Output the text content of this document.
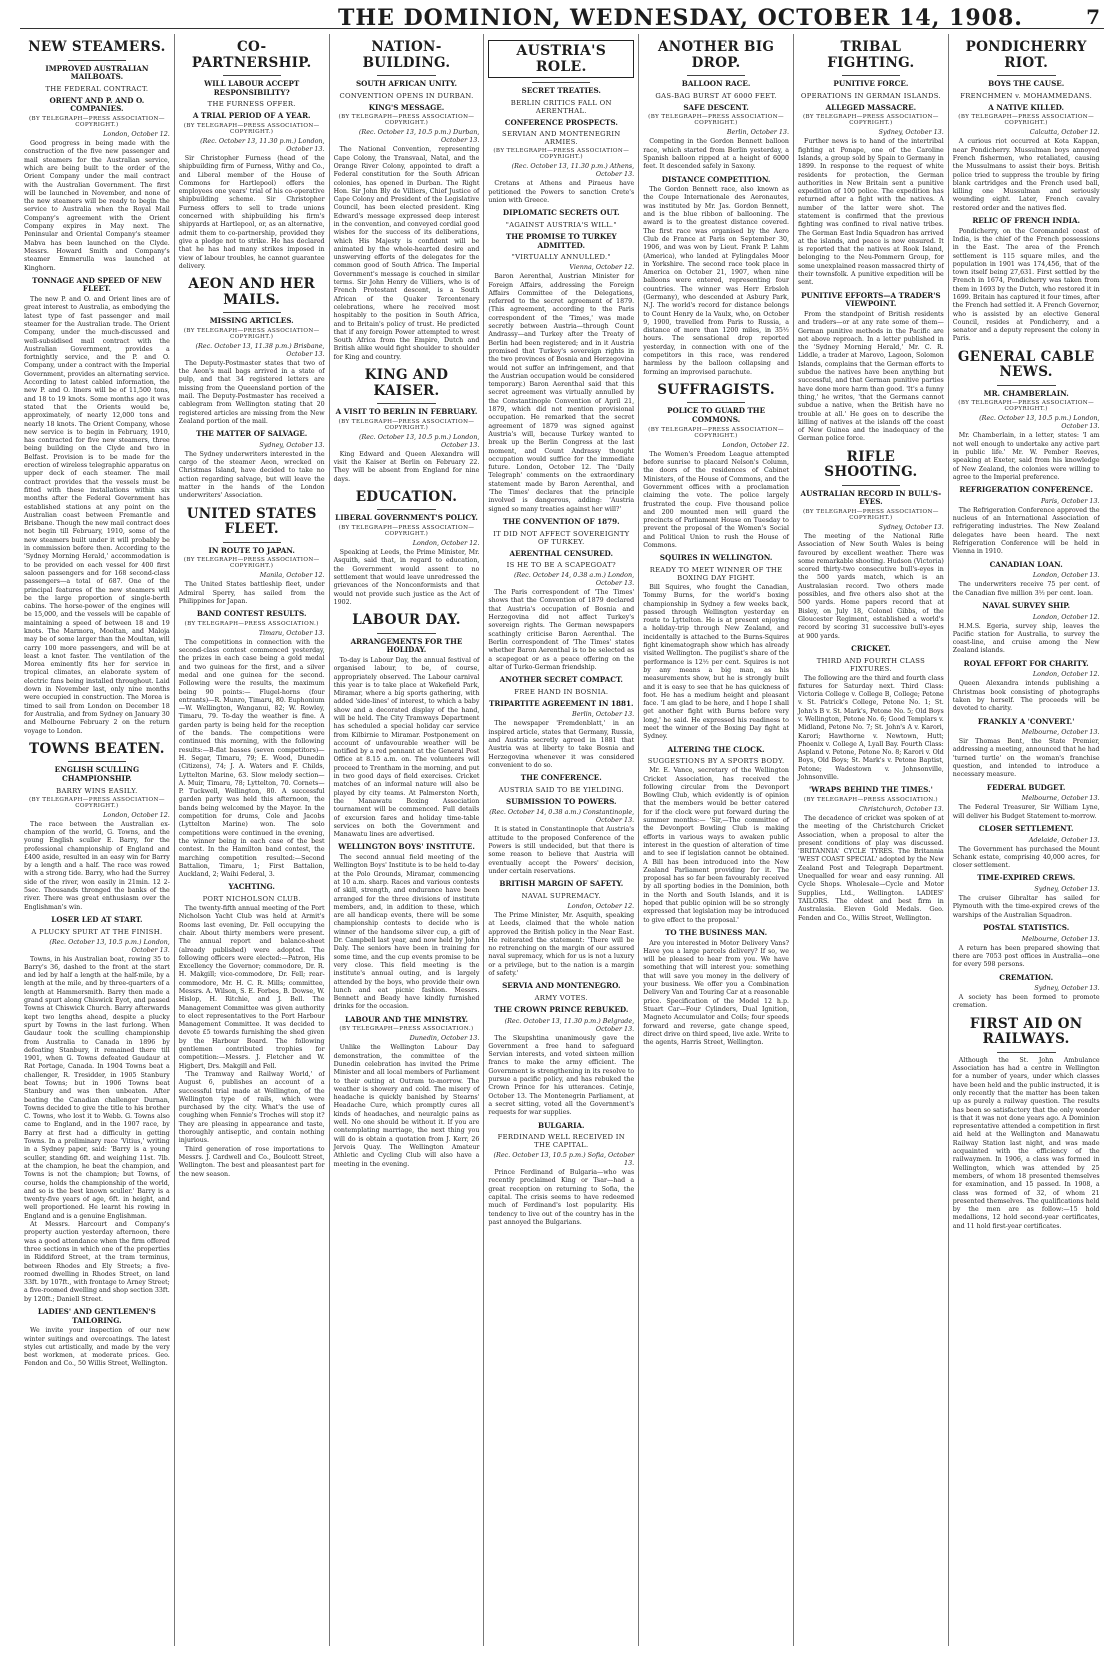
THE DOMINION, WEDNESDAY, OCTOBER 14, 1908.	7
NEW STEAMERS.
IMPROVED AUSTRALIAN MAILBOATS.
THE FEDERAL CONTRACT.
ORIENT AND P. AND O. COMPANIES.
(BY TELEGRAPH—PRESS ASSOCIATION—COPYRIGHT.)
London, October 12.

Good progress in being made with the construction of the five new passenger and mail steamers for the Australian service, which are being built to the order of the Orient Company under the mail contract with the Australian Government. The first will be launched in November, and none of the new steamers will be ready to begin the service to Australia when the Royal Mail Company's agreement with the Orient Company expires in May next. The Peninsular and Oriental Company's steamer Mabva has been launched on the Clyde. Messrs. Howard Smith and Company's steamer Emmerulla was launched at Kinghorn.

TONNAGE AND SPEED OF NEW FLEET.

The new P. and O. and Orient lines are of great interest to Australia, as embodying the latest type of fast passenger and mail steamer for the Australian trade. The Orient Company, under the much-discussed and well-subsidised mail contract with the Australian Government, provides a fortnightly service, and the P. and O. Company, under a contract with the Imperial Government, provides an alternating service. According to latest cabled information, the new P. and O. liners will be of 11,500 tons, and 18 to 19 knots. Some months ago it was stated that the Orients would be, approximately, of nearly 12,000 tons and nearly 18 knots. The Orient Company, whose new service is to begin in February, 1910, has contracted for five new steamers, three being building on the Clyde and two in Belfast. Provision is to be made for the erection of wireless telegraphic apparatus on upper deck of each steamer. The mail contract provides that the vessels must be fitted with these installations within six months after the Federal Government has established stations at any point on the Australian coast between Fremantle and Brisbane. Though the new mail contract does not begin till February, 1910, some of the new steamers built under it will probably be in commission before then. According to the 'Sydney Morning Herald,' accommodation is to be provided on each vessel for 400 first saloon passengers and for 168 second-class passengers—a total of 687. One of the principal features of the new steamers will be the large proportion of single-berth cabins. The horse-power of the engines will be 15,000, and the vessels will be capable of maintaining a speed of between 18 and 19 knots. The Marmora, Mooltan, and Maloja may be of some larger than the Moultan, will carry 100 more passengers, and will be at least a knot faster. The ventilation of the Morea eminently fits her for service in tropical climates, an elaborate system of electric fans being installed throughout. Laid down in November last, only nine months were occupied in construction. The Morea is timed to sail from London on December 18 for Australia, and from Sydney on January 30 and Melbourne February 2 on the return voyage to London.

TOWNS BEATEN.
ENGLISH SCULLING CHAMPIONSHIP.
BARRY WINS EASILY.
(BY TELEGRAPH—PRESS ASSOCIATION—COPYRIGHT.)
London, October 12.

The race between the Australian ex-champion of the world, G. Towns, and the young English sculler E. Barry, for the professional championship of England and £400 aside, resulted in an easy win for Barry by a length and a half. The race was rowed with a strong tide. Barry, who had the Surrey side of the river, won easily in 21min. 12 2-5sec. Thousands thronged the banks of the river. There was great enthusiasm over the Englishman's win.

LOSER LED AT START.
A PLUCKY SPURT AT THE FINISH.
(Rec. October 13, 10.5 p.m.) London, October 13.

Towns, in his Australian boat, rowing 35 to Barry's 36, dashed to the front at the start and led by half a length at the half-mile, by a length at the mile, and by three-quarters of a length at Hammersmith. Barry then made a grand spurt along Chiswick Eyot, and passed Towns at Chiswick Church. Barry afterwards kept two lengths ahead, despite a plucky spurt by Towns in the last furlong. When Gaudaur took the sculling championship from Australia to Canada in 1896 by defeating Stanbury, it remained there till 1901, when G. Towns defeated Gaudaur at Rat Portage, Canada. In 1904 Towns beat a challenger, R. Tresidder, in 1905 Stanbury beat Towns; but in 1906 Towns beat Stanbury and was then unbeaten. After beating the Canadian challenger Durnan, Towns decided to give the title to his brother C. Towns, who lost it to Webb. G. Towns also came to England, and in the 1907 race, by Barry at first had a difficulty in getting Towns. In a preliminary race 'Vitius,' writing in a Sydney paper, said: 'Barry is a young sculler, standing 6ft. and weighing 11st. 7lb. at the champion, he beat the champion, and Towns is not the champion; but Towns, of course, holds the championship of the world, and so is the best known sculler.' Barry is a twenty-five years of age, 6ft. in height, and well proportioned. He learnt his rowing in England and is a genuine Englishman.

At Messrs. Harcourt and Company's property auction yesterday afternoon, there was a good attendance when the firm offered three sections in which one of the properties in Riddiford Street, at the tram terminus, between Rhodes and Ely Streets; a five-roomed dwelling in Rhodes Street, on land 33ft. by 107ft., with frontage to Arney Street; a five-roomed dwelling and shop section 33ft. by 120ft.; Daniell Street.

LADIES' AND GENTLEMEN'S TAILORING.

We invite your inspection of our new winter suitings and overcoatings. The latest styles cut artistically, and made by the very best workmen, at moderate prices. Geo. Fendon and Co., 50 Willis Street, Wellington.

CO-PARTNERSHIP.
WILL LABOUR ACCEPT RESPONSIBILITY?
THE FURNESS OFFER.
A TRIAL PERIOD OF A YEAR.
(BY TELEGRAPH—PRESS ASSOCIATION—COPYRIGHT.)
(Rec. October 13, 11.30 p.m.) London, October 13.

Sir Christopher Furness (head of the shipbuilding firm of Furness, Withy and Co., and Liberal member of the House of Commons for Hartlepool) offers the employees one years' trial of his co-operative shipbuilding scheme. Sir Christopher Furness offers to sell to trade unions concerned with shipbuilding his firm's shipyards at Hartlepool, or, as an alternative, admit them to co-partnership, provided they give a pledge not to strike. He has declared that he has had many strikes imposed in view of labour troubles, he cannot guarantee delivery.

AEON AND HER MAILS.
MISSING ARTICLES.
(BY TELEGRAPH—PRESS ASSOCIATION—COPYRIGHT.)
(Rec. October 13, 11.38 p.m.) Brisbane, October 13.

The Deputy-Postmaster states that two of the Aeon's mail bags arrived in a state of pulp, and that 34 registered letters are missing from the Queensland portion of the mail. The Deputy-Postmaster has received a cablegram from Wellington stating that 20 registered articles are missing from the New Zealand portion of the mail.

THE MATTER OF SALVAGE.
Sydney, October 13.

The Sydney underwriters interested in the cargo of the steamer Aeon, wrecked on Christmas Island, have decided to take no action regarding salvage, but will leave the matter in the hands of the London underwriters' Association.

UNITED STATES FLEET.
IN ROUTE TO JAPAN.
(BY TELEGRAPH—PRESS ASSOCIATION—COPYRIGHT.)
Manila, October 12.

The United States battleship fleet, under Admiral Sperry, has sailed from the Philippines for Japan.

BAND CONTEST RESULTS.
(BY TELEGRAPH—PRESS ASSOCIATION.)
Timaru, October 13.

The competitions in connection with the second-class contest commenced yesterday, the prizes in each case being a gold medal and two guineas for the first, and a silver medal and one guinea for the second. Following were the results, the maximum being 90 points:— Flugel-horns (four entrants)—R. Munro, Timaru, 80. Euphonium—W. Wellington, Wanganui, 82; W. Rowley, Timaru, 79. To-day the weather is fine. A garden party is being held for the reception of the bands. The competitions were continued this morning, with the following results:—B-flat basses (seven competitors)—H. Segar, Timaru, 79; E. Wood, Dunedin (Citizens), 74; J. A. Waters and F. Childs, Lyttelton Marine, 63. Slow melody section—A. Muir, Timaru, 78; Lyttelton, 70. Cornets—P. Tuckwell, Wellington, 80. A successful garden party was held this afternoon, the bands being welcomed by the Mayor. In the competition for drums, Cole and Jacobs (Lyttelton Marine) won. The solo competitions were continued in the evening, the winner being in each case of the best contest. In the Hamilton band contest, the marching competition resulted:—Second Battalion, Timaru, 1; First Battalion, Auckland, 2; Waihi Federal, 3.

YACHTING.
PORT NICHOLSON CLUB.

The twenty-fifth annual meeting of the Port Nicholson Yacht Club was held at Armit's Rooms last evening, Dr. Fell occupying the chair. About thirty members were present. The annual report and balance-sheet (already published) were adopted. The following officers were elected:—Patron, His Excellency the Governor; commodore, Dr. R. H. Makgill; vice-commodore, Dr. Fell; rear-commodore, Mr. H. C. R. Mills; committee, Messrs. A. Wilson, S. E. Forbes, B. Dowse, W. Hislop, H. Ritchie, and J. Bell. The Management Committee was given authority to elect representatives to the Port Harbour Management Committee. It was decided to devote £5 towards furnishing the shed given by the Harbour Board. The following gentlemen contributed trophies for competition:—Messrs. J. Fletcher and W. Higbert, Drs. Makgill and Fell.

'The Tramway and Railway World,' of August 6, publishes an account of a successful trial made at Wellington, of the Wellington type of rails, which were purchased by the city. What's the use of coughing when Fennie's Troches will stop it? They are pleasing in appearance and taste, thoroughly antiseptic, and contain nothing injurious.

Third generation of rose importations to Messrs. J. Cardwell and Co., Boulcott Street, Wellington. The best and pleasantest part for the new season.

NATION-BUILDING.
SOUTH AFRICAN UNITY.
CONVENTION OPENS IN DURBAN.
KING'S MESSAGE.
(BY TELEGRAPH—PRESS ASSOCIATION—COPYRIGHT.)
(Rec. October 13, 10.5 p.m.) Durban, October 13.

The National Convention, representing Cape Colony, the Transvaal, Natal, and the Orange River Colony, appointed to draft a Federal constitution for the South African colonies, has opened in Durban. The Right Hon. Sir John Bly de Villiers, Chief Justice of Cape Colony and President of the Legislative Council, has been elected president. King Edward's message expressed deep interest in the convention, and conveyed cordial good wishes for the success of its deliberations, which His Majesty is confident will be animated by the whole-hearted desire and unswerving efforts of the delegates for the common good of South Africa. The Imperial Government's message is couched in similar terms. Sir John Henry de Villiers, who is of French Protestant descent, is a South African of the Quaker Tercentenary celebrations, where he received most hospitably to the position in South Africa, and to Britain's policy of trust. He predicted that if any foreign Power attempted to wrest South Africa from the Empire, Dutch and British alike would fight shoulder to shoulder for King and country.

KING AND KAISER.
A VISIT TO BERLIN IN FEBRUARY.
(BY TELEGRAPH—PRESS ASSOCIATION—COPYRIGHT.)
(Rec. October 13, 10.5 p.m.) London, October 13.

King Edward and Queen Alexandra will visit the Kaiser at Berlin on February 22. They will be absent from England for nine days.

EDUCATION.
LIBERAL GOVERNMENT'S POLICY.
(BY TELEGRAPH—PRESS ASSOCIATION—COPYRIGHT.)
London, October 12.

Speaking at Leeds, the Prime Minister, Mr. Asquith, said that, in regard to education, the Government would assent to no settlement that would leave unredressed the grievances of the Nonconformists and that would not provide such justice as the Act of 1902.

LABOUR DAY.
ARRANGEMENTS FOR THE HOLIDAY.

To-day is Labour Day, the annual festival of organised labour, to be, of course, appropriately observed. The Labour carnival this year is to take place at Wakefield Park, Miramar, where a big sports gathering, with added 'side-lines' of interest, to which a baby show and a decorated display of the hand, will be held. The City Tramways Department has scheduled a special holiday car service from Kilbirnie to Miramar. Postponement on account of unfavourable weather will be notified by a red pennant at the General Post Office at 8.15 a.m. on. The volunteers will proceed to Trentham in the morning, and put in two good days of field exercises. Cricket matches of an informal nature will also be played by city teams. At Palmerston North, the Manawatu Boxing Association tournament will be commenced. Full details of excursion fares and holiday time-table services on both the Government and Manawatu lines are advertised.

WELLINGTON BOYS' INSTITUTE.

The second annual field meeting of the Wellington Boys' Institute is to be held to-day at the Polo Grounds, Miramar, commencing at 10 a.m. sharp. Races and various contests of skill, strength, and endurance have been arranged for the three divisions of institute members, and, in addition to these, which are all handicap events, there will be some championship contests to decide who is winner of the handsome silver cup, a gift of Dr. Campbell last year, and now held by John Daly. The seniors have been in training for some time, and the cup events promise to be very close. This field meeting is the institute's annual outing, and is largely attended by the boys, who provide their own lunch and eat picnic fashion. Messrs. Bennett and Beady have kindly furnished drinks for the occasion.

LABOUR AND THE MINISTRY.
(BY TELEGRAPH—PRESS ASSOCIATION.)
Dunedin, October 13.

Unlike the Wellington Labour Day demonstration, the committee of the Dunedin celebration has invited the Prime Minister and all local members of Parliament to their outing at Outram to-morrow. The weather is showery and cold. The misery of headache is quickly banished by Stearns' Headache Cure, which promptly cures all kinds of headaches, and neuralgic pains as well. No one should be without it. If you are contemplating marriage, the next thing you will do is obtain a quotation from J. Kerr, 26 Jervois Quay. The Wellington Amateur Athletic and Cycling Club will also have a meeting in the evening.

AUSTRIA'S ROLE.
SECRET TREATIES.
BERLIN CRITICS FALL ON AERENTHAL.
CONFERENCE PROSPECTS.
SERVIAN AND MONTENEGRIN ARMIES.
(BY TELEGRAPH—PRESS ASSOCIATION—COPYRIGHT.)
(Rec. October 13, 11.30 p.m.) Athens, October 13.

Cretans at Athens and Piraeus have petitioned the Powers to sanction Crete's union with Greece.

DIPLOMATIC SECRETS OUT.
"AGAINST AUSTRIA'S WILL."
THE PROMISE TO TURKEY ADMITTED.
"VIRTUALLY ANNULLED."
Vienna, October 12.

Baron Aerenthal, Austrian Minister for Foreign Affairs, addressing the Foreign Affairs Committee of the Delegations, referred to the secret agreement of 1879. (This agreement, according to the Paris correspondent of the 'Times,' was made secretly between Austria—through Count Andrassy—and Turkey after the Treaty of Berlin had been registered; and in it Austria promised that Turkey's sovereign rights in the two provinces of Bosnia and Herzegovina would not suffer an infringement, and that the Austrian occupation would be considered temporary.) Baron Aerenthal said that this secret agreement was virtually annulled by the Constantinople Convention of April 21, 1879, which did not mention provisional occupation. He remarked that the secret agreement of 1879 was signed against Austria's will, because Turkey wanted to break up the Berlin Congress at the last moment, and Count Andrassy thought occupation would suffice for the immediate future. London, October 12. The 'Daily Telegraph' comments on the extraordinary statement made by Baron Aerenthal, and 'The Times' declares that the principle involved is dangerous, adding: 'Austria signed so many treaties against her will?'

THE CONVENTION OF 1879.
IT DID NOT AFFECT SOVEREIGNTY OF TURKEY.
AERENTHAL CENSURED.
IS HE TO BE A SCAPEGOAT?
(Rec. October 14, 0.38 a.m.) London, October 13.

The Paris correspondent of 'The Times' shows that the Convention of 1879 declared that Austria's occupation of Bosnia and Herzegovina did not affect Turkey's sovereign rights. The German newspapers scathingly criticise Baron Aerenthal. The Berlin correspondent of 'The Times' states whether Baron Aerenthal is to be selected as a scapegoat or as a peace offering on the altar of Turko-German friendship.

ANOTHER SECRET COMPACT.
FREE HAND IN BOSNIA.
TRIPARTITE AGREEMENT IN 1881.
Berlin, October 13.

The newspaper 'Fremdenblatt,' in an inspired article, states that Germany, Russia, and Austria secretly agreed in 1881 that Austria was at liberty to take Bosnia and Herzegovina whenever it was considered convenient to do so.

THE CONFERENCE.
AUSTRIA SAID TO BE YIELDING.
SUBMISSION TO POWERS.
(Rec. October 14, 0.38 a.m.) Constantinople, October 13.

It is stated in Constantinople that Austria's attitude to the proposed Conference of the Powers is still undecided, but that there is some reason to believe that Austria will eventually accept the Powers' decision, under certain reservations.

BRITISH MARGIN OF SAFETY.
NAVAL SUPREMACY.
London, October 12.

The Prime Minister, Mr. Asquith, speaking at Leeds, claimed that the whole nation approved the British policy in the Near East. He reiterated the statement: 'There will be no retrenching on the margin of our assured naval supremacy, which for us is not a luxury or a privilege, but to the nation is a margin of safety.'

SERVIA AND MONTENEGRO.
ARMY VOTES.
THE CROWN PRINCE REBUKED.
(Rec. October 13, 11.30 p.m.) Belgrade, October 13.

The Skupshtina unanimously gave the Government a free hand to safeguard Servian interests, and voted sixteen million francs to make the army efficient. The Government is strengthening in its resolve to pursue a pacific policy, and has rebuked the Crown Prince for his utterances. Cetinje, October 13. The Montenegrin Parliament, at a secret sitting, voted all the Government's requests for war supplies.

BULGARIA.
FERDINAND WELL RECEIVED IN THE CAPITAL.
(Rec. October 13, 10.5 p.m.) Sofia, October 13.

Prince Ferdinand of Bulgaria—who was recently proclaimed King or Tsar—had a great reception on returning to Sofia, the capital. The crisis seems to have redeemed much of Ferdinand's lost popularity. His tendency to live out of the country has in the past annoyed the Bulgarians.

ANOTHER BIG DROP.
BALLOON RACE.
GAS-BAG BURST AT 6000 FEET.
SAFE DESCENT.
(BY TELEGRAPH—PRESS ASSOCIATION—COPYRIGHT.)
Berlin, October 13.

Competing in the Gordon Bennett balloon race, which started from Berlin yesterday, a Spanish balloon ripped at a height of 6000 feet. It descended safely in Saxony.

DISTANCE COMPETITION.

The Gordon Bennett race, also known as the Coupe Internationale des Aeronautes, was instituted by Mr. Jas. Gordon Bennett, and is the blue ribbon of ballooning. The award is to the greatest distance covered. The first race was organised by the Aero Club de France at Paris on September 30, 1906, and was won by Lieut. Frank P. Lahm (America), who landed at Fylingdales Moor in Yorkshire. The second race took place in America on October 21, 1907, when nine balloons were entered, representing four countries. The winner was Herr Erbsloh (Germany), who descended at Asbury Park, N.J. The world's record for distance belongs to Count Henry de la Vaulx, who, on October 9, 1900, travelled from Paris to Russia, a distance of more than 1200 miles, in 35½ hours. The sensational drop reported yesterday, in connection with one of the competitors in this race, was rendered harmless by the balloon collapsing and forming an improvised parachute.

SUFFRAGISTS.
POLICE TO GUARD THE COMMONS.
(BY TELEGRAPH—PRESS ASSOCIATION—COPYRIGHT.)
London, October 12.

The Women's Freedom League attempted before sunrise to placard Nelson's Column, the doors of the residences of Cabinet Ministers, of the House of Commons, and the Government offices with a proclamation claiming the vote. The police largely frustrated the coup. Five thousand police and 200 mounted men will guard the precincts of Parliament House on Tuesday to prevent the proposal of the Women's Social and Political Union to rush the House of Commons.

SQUIRES IN WELLINGTON.
READY TO MEET WINNER OF THE BOXING DAY FIGHT.

Bill Squires, who fought the Canadian, Tommy Burns, for the world's boxing championship in Sydney a few weeks back, passed through Wellington yesterday en route to Lyttelton. He is at present enjoying a holiday-trip through New Zealand, and incidentally is attached to the Burns-Squires fight kinematograph show which has already visited Wellington. The pugilist's share of the performance is 12½ per cent. Squires is not by any means a big man, as his measurements show, but he is strongly built and it is easy to see that he has quickness of foot. He has a medium height and pleasant face. 'I am glad to be here, and I hope I shall get another fight with Burns before very long,' he said. He expressed his readiness to meet the winner of the Boxing Day fight at Sydney.

ALTERING THE CLOCK.
SUGGESTIONS BY A SPORTS BODY.

Mr. E. Vance, secretary of the Wellington Cricket Association, has received the following circular from the Devonport Bowling Club, which evidently is of opinion that the members would be better catered for if the clock were put forward during the summer months:— 'Sir,—The committee of the Devonport Bowling Club is making efforts in various ways to awaken public interest in the question of alteration of time and to see if legislation cannot be obtained. A Bill has been introduced into the New Zealand Parliament providing for it. The proposal has so far been favourably received by all sporting bodies in the Dominion, both in the North and South Islands, and it is hoped that public opinion will be so strongly expressed that legislation may be introduced to give effect to the proposal.'

TO THE BUSINESS MAN.

Are you interested in Motor Delivery Vans? Have you a large parcels delivery? If so, we will be pleased to hear from you. We have something that will interest you: something that will save you money in the delivery of your business. We offer you a Combination Delivery Van and Touring Car at a reasonable price. Specification of the Model 12 h.p. Stuart Car—Four Cylinders, Dual Ignition, Magneto Accumulator and Coils; four speeds forward and reverse, gate change speed, direct drive on third speed, live axle. Write to the agents, Harris Street, Wellington.

TRIBAL FIGHTING.
PUNITIVE FORCE.
OPERATIONS IN GERMAN ISLANDS.
ALLEGED MASSACRE.
(BY TELEGRAPH—PRESS ASSOCIATION—COPYRIGHT.)
Sydney, October 13.

Further news is to hand of the intertribal fighting at Ponape, one of the Caroline Islands, a group sold by Spain to Germany in 1899. In response to the request of white residents for protection, the German authorities in New Britain sent a punitive expedition of 100 police. The expedition has returned after a fight with the natives. A number of the latter were shot. The statement is confirmed that the previous fighting was confined to rival native tribes. The German East India Squadron has arrived at the islands, and peace is now ensured. It is reported that the natives at Rook Island, belonging to the Neu-Pommern Group, for some unexplained reason massacred thirty of their townsfolk. A punitive expedition will be sent.

PUNITIVE EFFORTS—A TRADER'S VIEWPOINT.

From the standpoint of British residents and traders—or at any rate some of them—German punitive methods in the Pacific are not above reproach. In a letter published in the 'Sydney Morning Herald,' Mr. C. R. Liddle, a trader at Marovo, Lagoon, Solomon Islands, complains that the German efforts to subdue the natives have been anything but successful, and that German punitive parties have done more harm than good. 'It's a funny thing,' he writes, 'that the Germans cannot subdue a native, when the British have no trouble at all.' He goes on to describe the killing of natives at the islands off the coast of New Guinea and the inadequacy of the German police force.

RIFLE SHOOTING.
AUSTRALIAN RECORD IN BULL'S-EYES.
(BY TELEGRAPH—PRESS ASSOCIATION—COPYRIGHT.)
Sydney, October 13.

The meeting of the National Rifle Association of New South Wales is being favoured by excellent weather. There was some remarkable shooting. Hudson (Victoria) scored thirty-two consecutive bull's-eyes in the 500 yards match, which is an Australasian record. Two others made possibles, and five others also shot at the 500 yards. Home papers record that at Bisley, on July 18, Colonel Gibbs, of the Gloucester Regiment, established a world's record by scoring 31 successive bull's-eyes at 900 yards.

CRICKET.
THIRD AND FOURTH CLASS FIXTURES.

The following are the third and fourth class fixtures for Saturday next. Third Class: Victoria College v. College B, College; Petone v. St. Patrick's College, Petone No. 1; St. John's B v. St. Mark's, Petone No. 5; Old Boys v. Wellington, Petone No. 6; Good Templars v. Midland, Petone No. 7; St. John's A v. Karori, Karori; Hawthorne v. Newtown, Hutt; Phoenix v. College A, Lyall Bay. Fourth Class: Aspland v. Petone, Petone No. 8; Karori v. Old Boys, Old Boys; St. Mark's v. Petone Baptist, Petone; Wadestown v. Johnsonville, Johnsonville.

'WRAPS BEHIND THE TIMES.'
(BY TELEGRAPH—PRESS ASSOCIATION.)
Christchurch, October 13.

The decadence of cricket was spoken of at the meeting of the Christchurch Cricket Association, when a proposal to alter the present conditions of play was discussed. 'BRITANNIA' CYCLE TYRES. The Britannia 'WEST COAST SPECIAL' adopted by the New Zealand Post and Telegraph Department. Unequalled for wear and easy running. All Cycle Shops. Wholesale—Cycle and Motor Supplies, Ltd., Wellington. LADIES' TAILORS. The oldest and best firm in Australasia. Eleven Gold Medals. Geo. Fenden and Co., Willis Street, Wellington.

PONDICHERRY RIOT.
BOYS THE CAUSE.
FRENCHMEN v. MOHAMMEDANS.
A NATIVE KILLED.
(BY TELEGRAPH—PRESS ASSOCIATION—COPYRIGHT.)
Calcutta, October 12.

A curious riot occurred at Kota Kappan, near Pondicherry. Mussulman boys annoyed French fishermen, who retaliated, causing the Mussulmans to assist their boys. British police tried to suppress the trouble by firing blank cartridges and the French used ball, killing one Mussulman and seriously wounding eight. Later, French cavalry restored order and the natives fled.

RELIC OF FRENCH INDIA.

Pondicherry, on the Coromandel coast of India, is the chief of the French possessions in the East. The area of the French settlement is 115 square miles, and the population in 1901 was 174,456, that of the town itself being 27,631. First settled by the French in 1674, Pondicherry was taken from them in 1693 by the Dutch, who restored it in 1699. Britain has captured it four times, after the French had settled it. A French Governor, who is assisted by an elective General Council, resides at Pondicherry, and a senator and a deputy represent the colony in Paris.

GENERAL CABLE NEWS.
MR. CHAMBERLAIN.
(BY TELEGRAPH—PRESS ASSOCIATION—COPYRIGHT.)
(Rec. October 13, 10.5 p.m.) London, October 13.

Mr. Chamberlain, in a letter, states: 'I am not well enough to undertake any active part in public life.' Mr. W. Pember Reeves, speaking at Exeter, said from his knowledge of New Zealand, the colonies were willing to agree to the Imperial preference.

REFRIGERATION CONFERENCE.
Paris, October 13.

The Refrigeration Conference approved the nucleus of an International Association of refrigerating industries. The New Zealand delegates have been heard. The next Refrigeration Conference will be held in Vienna in 1910.

CANADIAN LOAN.
London, October 13.

The underwriters receive 75 per cent. of the Canadian five million 3½ per cent. loan.

NAVAL SURVEY SHIP.
London, October 12.

H.M.S. Egeria, survey ship, leaves the Pacific station for Australia, to survey the coast-line, and cruise among the New Zealand islands.

ROYAL EFFORT FOR CHARITY.
London, October 12.

Queen Alexandra intends publishing a Christmas book consisting of photographs taken by herself. The proceeds will be devoted to charity.

FRANKLY A 'CONVERT.'
Melbourne, October 13.

Sir Thomas Bent, the State Premier, addressing a meeting, announced that he had 'turned turtle' on the woman's franchise question, and intended to introduce a necessary measure.

FEDERAL BUDGET.
Melbourne, October 13.

The Federal Treasurer, Sir William Lyne, will deliver his Budget Statement to-morrow.

CLOSER SETTLEMENT.
Adelaide, October 13.

The Government has purchased the Mount Schank estate, comprising 40,000 acres, for closer settlement.

TIME-EXPIRED CREWS.
Sydney, October 13.

The cruiser Gibraltar has sailed for Plymouth with the time-expired crews of the warships of the Australian Squadron.

POSTAL STATISTICS.
Melbourne, October 13.

A return has been prepared showing that there are 7053 post offices in Australia—one for every 598 persons.

CREMATION.
Sydney, October 13.

A society has been formed to promote cremation.

FIRST AID ON RAILWAYS.

Although the St. John Ambulance Association has had a centre in Wellington for a number of years, under which classes have been held and the public instructed, it is only recently that the matter has been taken up as purely a railway question. The results has been so satisfactory that the only wonder is that it was not done years ago. A Dominion representative attended a competition in first aid held at the Wellington and Manawatu Railway Station last night, and was made acquainted with the efficiency of the railwaymen. In 1906, a class was formed in Wellington, which was attended by 25 members, of whom 18 presented themselves for examination, and 15 passed. In 1908, a class was formed of 32, of whom 21 presented themselves. The qualifications held by the men are as follow:—15 hold medallions, 12 hold second-year certificates, and 11 hold first-year certificates.
